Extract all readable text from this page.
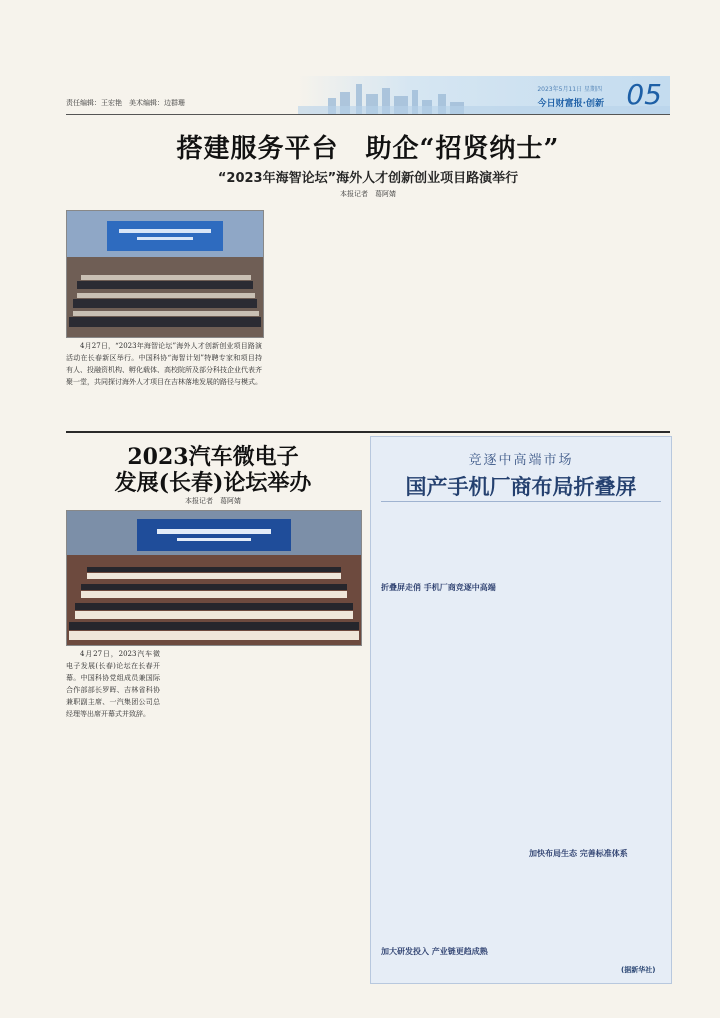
责任编辑：王宏艳　美术编辑：边群珊
2023年5月11日 星期四
今日财富报·创新 05
搭建服务平台　助企“招贤纳士”
“2023年海智论坛”海外人才创新创业项目路演举行
本报记者　葛阿婧

4月27日，“2023年海智论坛”海外人才创新创业项目路演活动在长春新区举行。中国科协“海智计划”特聘专家和项目持有人、投融资机构、孵化载体、高校院所及部分科技企业代表齐聚一堂，共同探讨海外人才项目在吉林落地发展的路径与模式。

2023汽车微电子
发展(长春)论坛举办
本报记者　葛阿婧

4月27日，2023汽车微电子发展(长春)论坛在长春开幕。中国科协党组成员兼国际合作部部长罗晖、吉林省科协兼职副主席、一汽集团公司总经理等出席开幕式并致辞。

竞逐中高端市场
国产手机厂商布局折叠屏
折叠屏走俏 手机厂商竞逐中高端
加大研发投入 产业链更趋成熟
加快布局生态 完善标准体系
(据新华社)
